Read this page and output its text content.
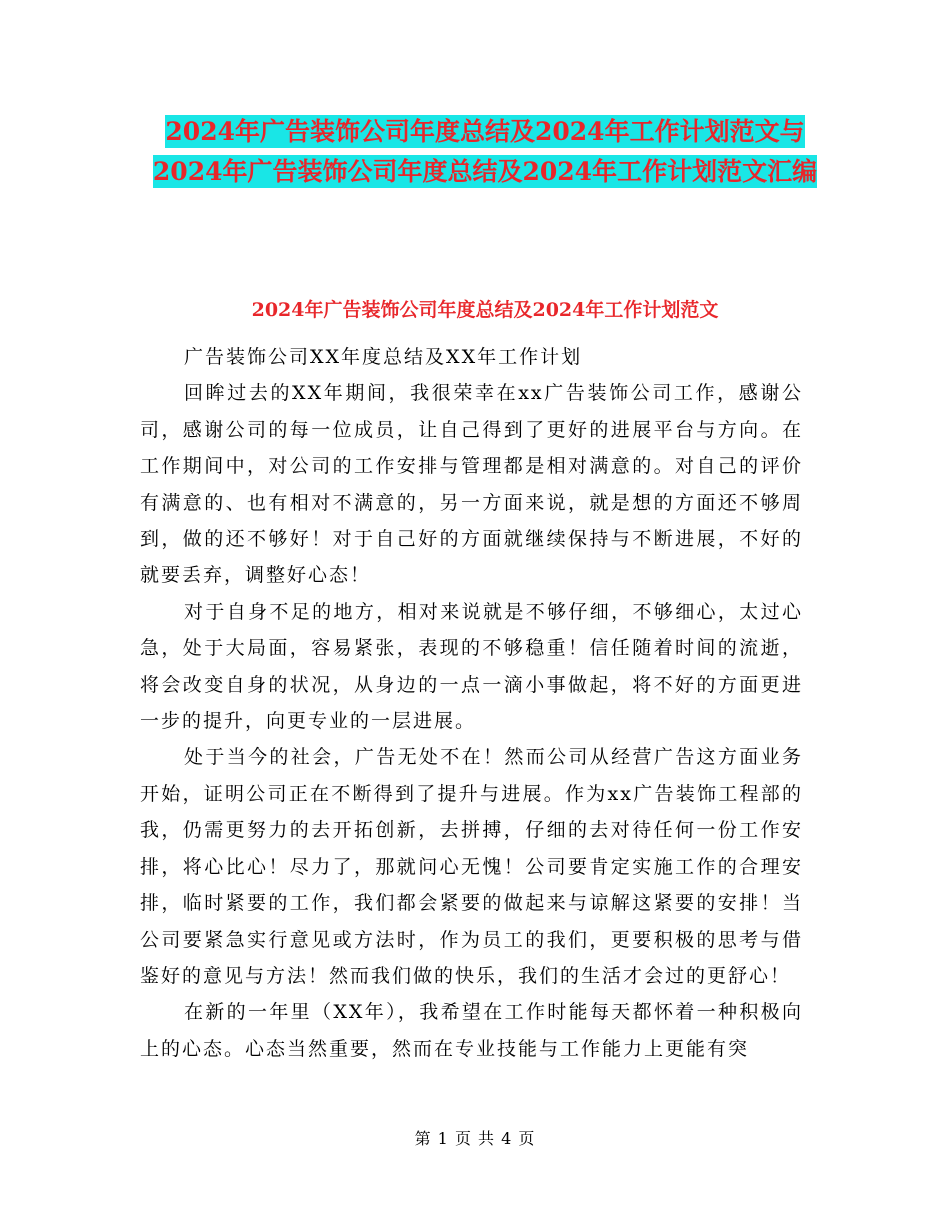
2024年广告装饰公司年度总结及2024年工作计划范文与2024年广告装饰公司年度总结及2024年工作计划范文汇编
2024年广告装饰公司年度总结及2024年工作计划范文

广告装饰公司XX年度总结及XX年工作计划

回眸过去的XX年期间，我很荣幸在xx广告装饰公司工作，感谢公司，感谢公司的每一位成员，让自己得到了更好的进展平台与方向。在工作期间中，对公司的工作安排与管理都是相对满意的。对自己的评价有满意的、也有相对不满意的，另一方面来说，就是想的方面还不够周到，做的还不够好！对于自己好的方面就继续保持与不断进展，不好的就要丢弃，调整好心态！

对于自身不足的地方，相对来说就是不够仔细，不够细心，太过心急，处于大局面，容易紧张，表现的不够稳重！信任随着时间的流逝，将会改变自身的状况，从身边的一点一滴小事做起，将不好的方面更进一步的提升，向更专业的一层进展。

处于当今的社会，广告无处不在！然而公司从经营广告这方面业务开始，证明公司正在不断得到了提升与进展。作为xx广告装饰工程部的我，仍需更努力的去开拓创新，去拼搏，仔细的去对待任何一份工作安排，将心比心！尽力了，那就问心无愧！公司要肯定实施工作的合理安排，临时紧要的工作，我们都会紧要的做起来与谅解这紧要的安排！当公司要紧急实行意见或方法时，作为员工的我们，更要积极的思考与借鉴好的意见与方法！然而我们做的快乐，我们的生活才会过的更舒心！

在新的一年里（XX年），我希望在工作时能每天都怀着一种积极向上的心态。心态当然重要，然而在专业技能与工作能力上更能有突

第 1 页 共 4 页
